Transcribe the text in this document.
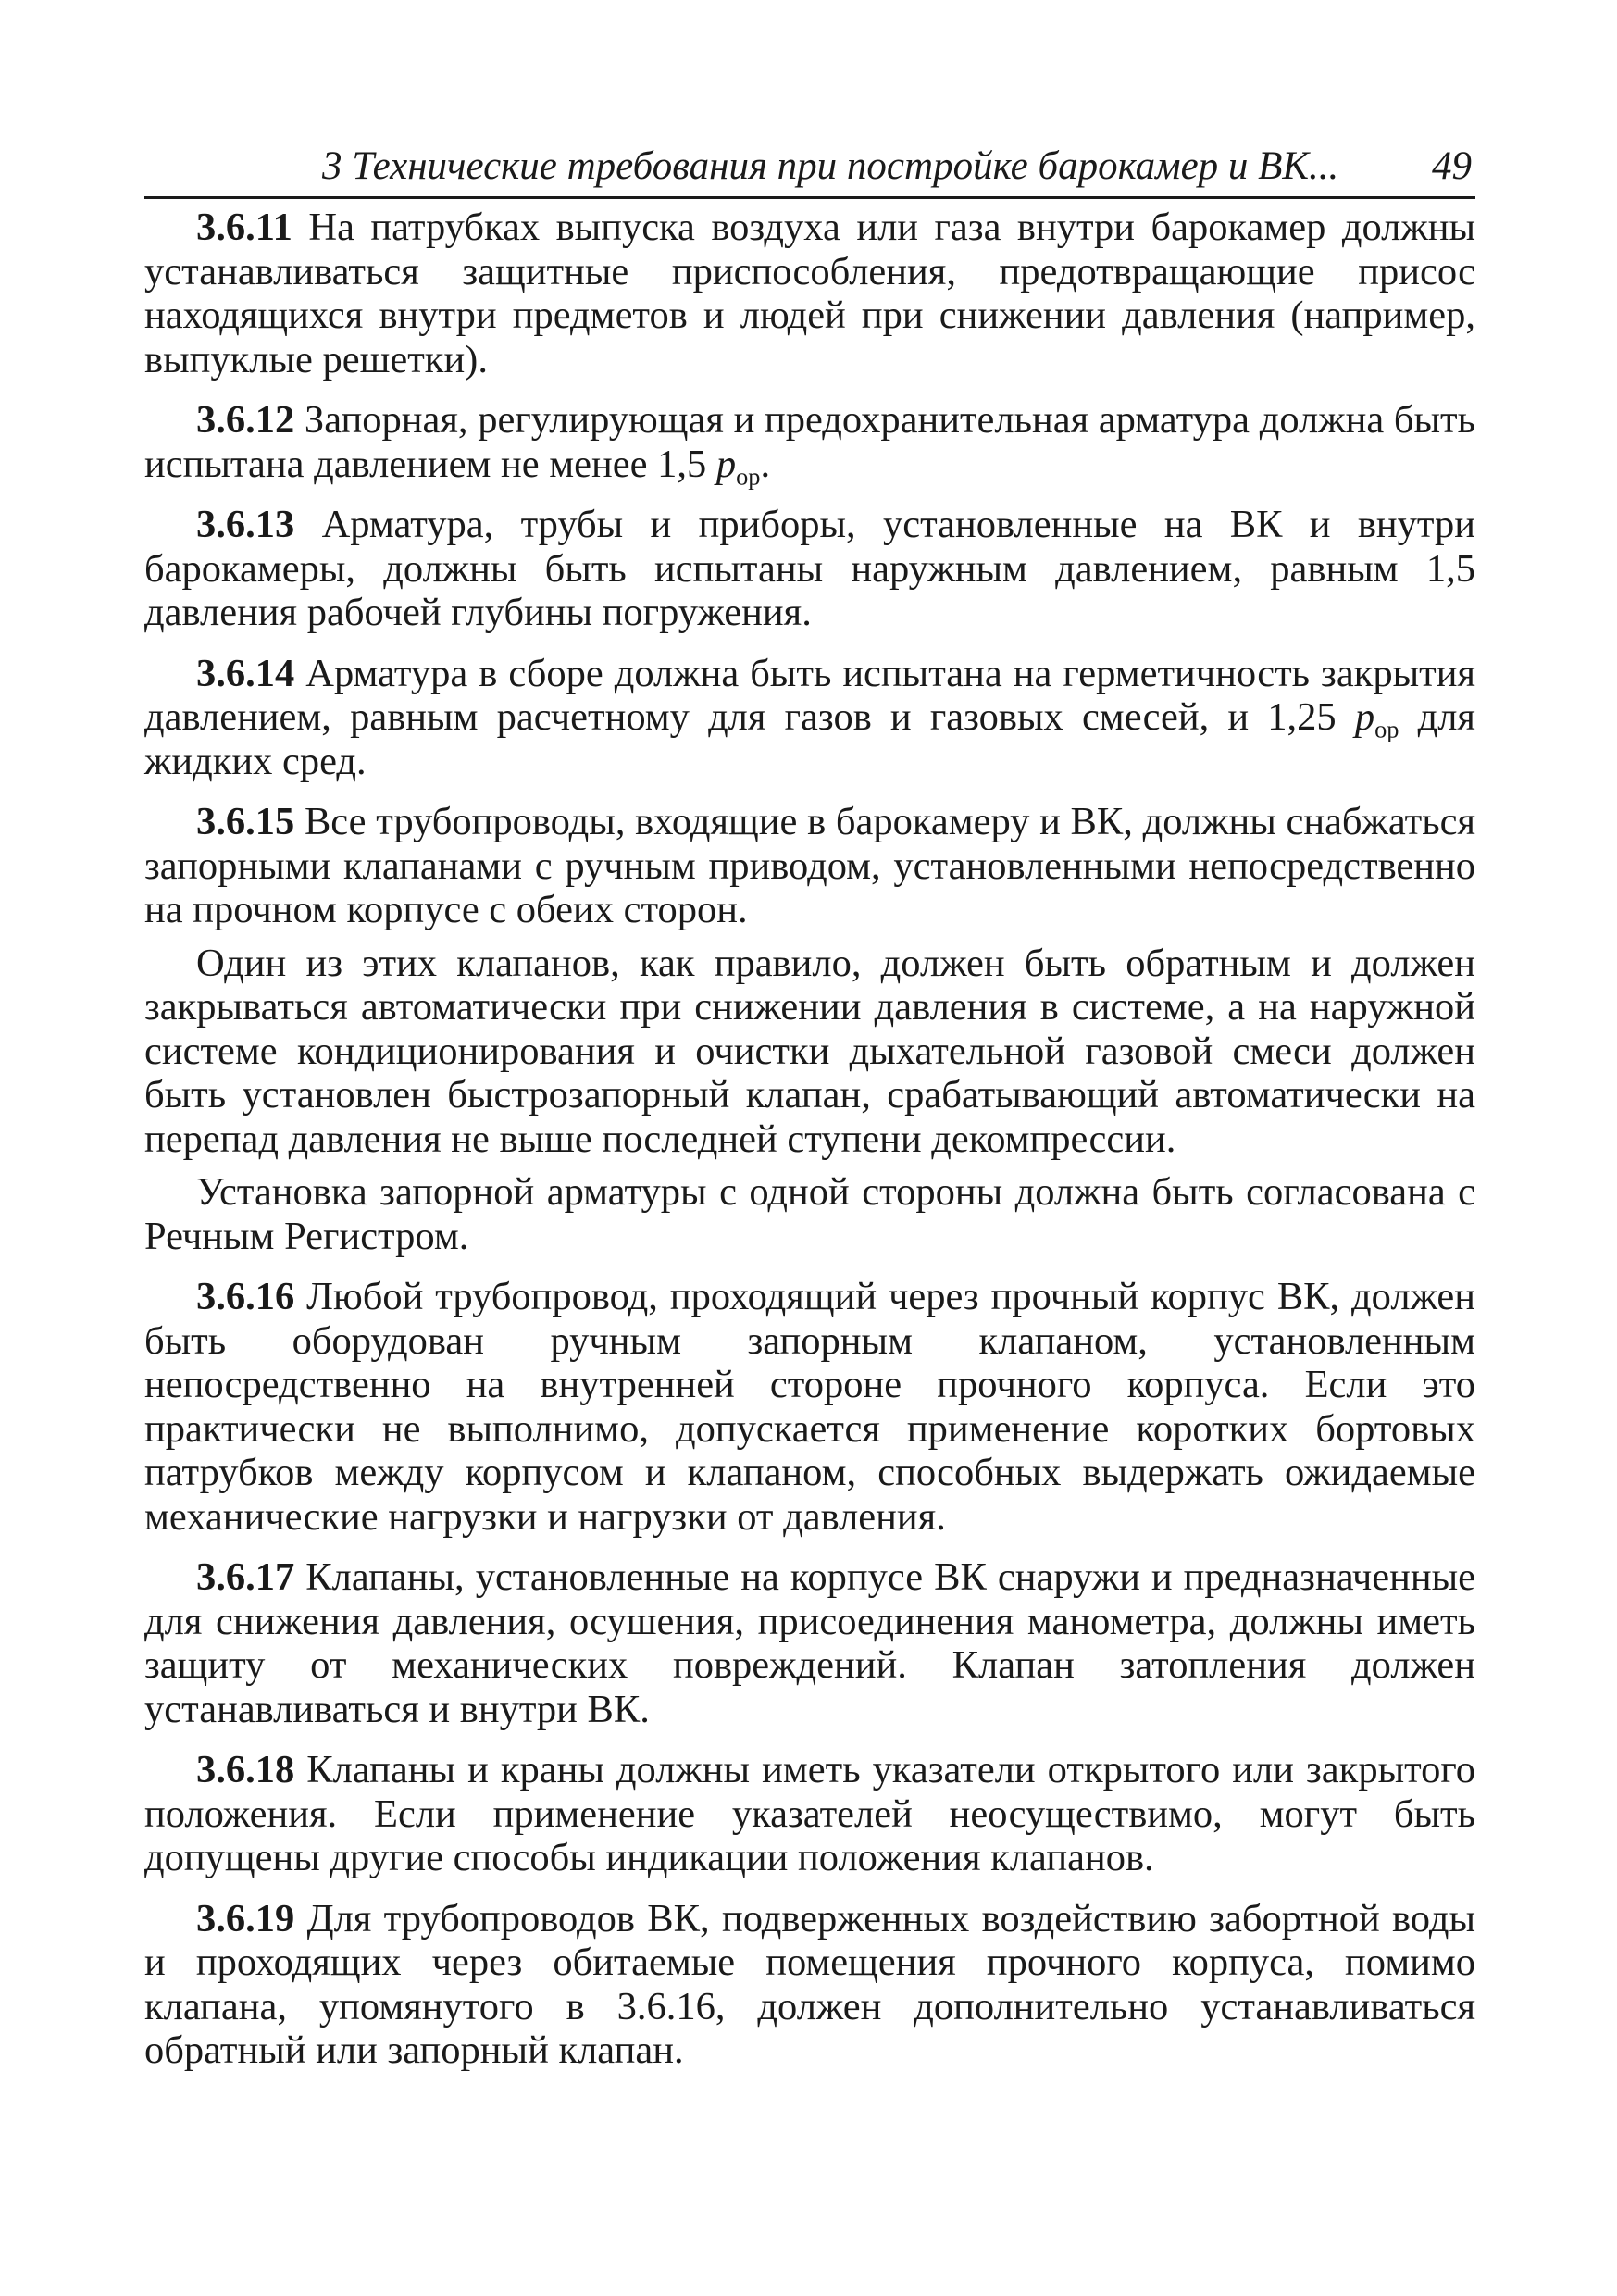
3 Технические требования при постройке барокамер и ВК... 49

3.6.11 На патрубках выпуска воздуха или газа внутри барокамер должны устанавливаться защитные приспособления, предотвращающие присос находящихся внутри предметов и людей при снижении давления (например, выпуклые решетки).

3.6.12 Запорная, регулирующая и предохранительная арматура должна быть испытана давлением не менее 1,5 $p_{ор}$.

3.6.13 Арматура, трубы и приборы, установленные на ВК и внутри барокамеры, должны быть испытаны наружным давлением, равным 1,5 давления рабочей глубины погружения.

3.6.14 Арматура в сборе должна быть испытана на герметичность закрытия давлением, равным расчетному для газов и газовых смесей, и 1,25 $p_{ор}$ для жидких сред.

3.6.15 Все трубопроводы, входящие в барокамеру и ВК, должны снабжаться запорными клапанами с ручным приводом, установленными непосредственно на прочном корпусе с обеих сторон.

Один из этих клапанов, как правило, должен быть обратным и должен закрываться автоматически при снижении давления в системе, а на наружной системе кондиционирования и очистки дыхательной газовой смеси должен быть установлен быстрозапорный клапан, срабатывающий автоматически на перепад давления не выше последней ступени декомпрессии.

Установка запорной арматуры с одной стороны должна быть согласована с Речным Регистром.

3.6.16 Любой трубопровод, проходящий через прочный корпус ВК, должен быть оборудован ручным запорным клапаном, установленным непосредственно на внутренней стороне прочного корпуса. Если это практически не выполнимо, допускается применение коротких бортовых патрубков между корпусом и клапаном, способных выдержать ожидаемые механические нагрузки и нагрузки от давления.

3.6.17 Клапаны, установленные на корпусе ВК снаружи и предназначенные для снижения давления, осушения, присоединения манометра, должны иметь защиту от механических повреждений. Клапан затопления должен устанавливаться и внутри ВК.

3.6.18 Клапаны и краны должны иметь указатели открытого или закрытого положения. Если применение указателей неосуществимо, могут быть допущены другие способы индикации положения клапанов.

3.6.19 Для трубопроводов ВК, подверженных воздействию забортной воды и проходящих через обитаемые помещения прочного корпуса, помимо клапана, упомянутого в 3.6.16, должен дополнительно устанавливаться обратный или запорный клапан.
